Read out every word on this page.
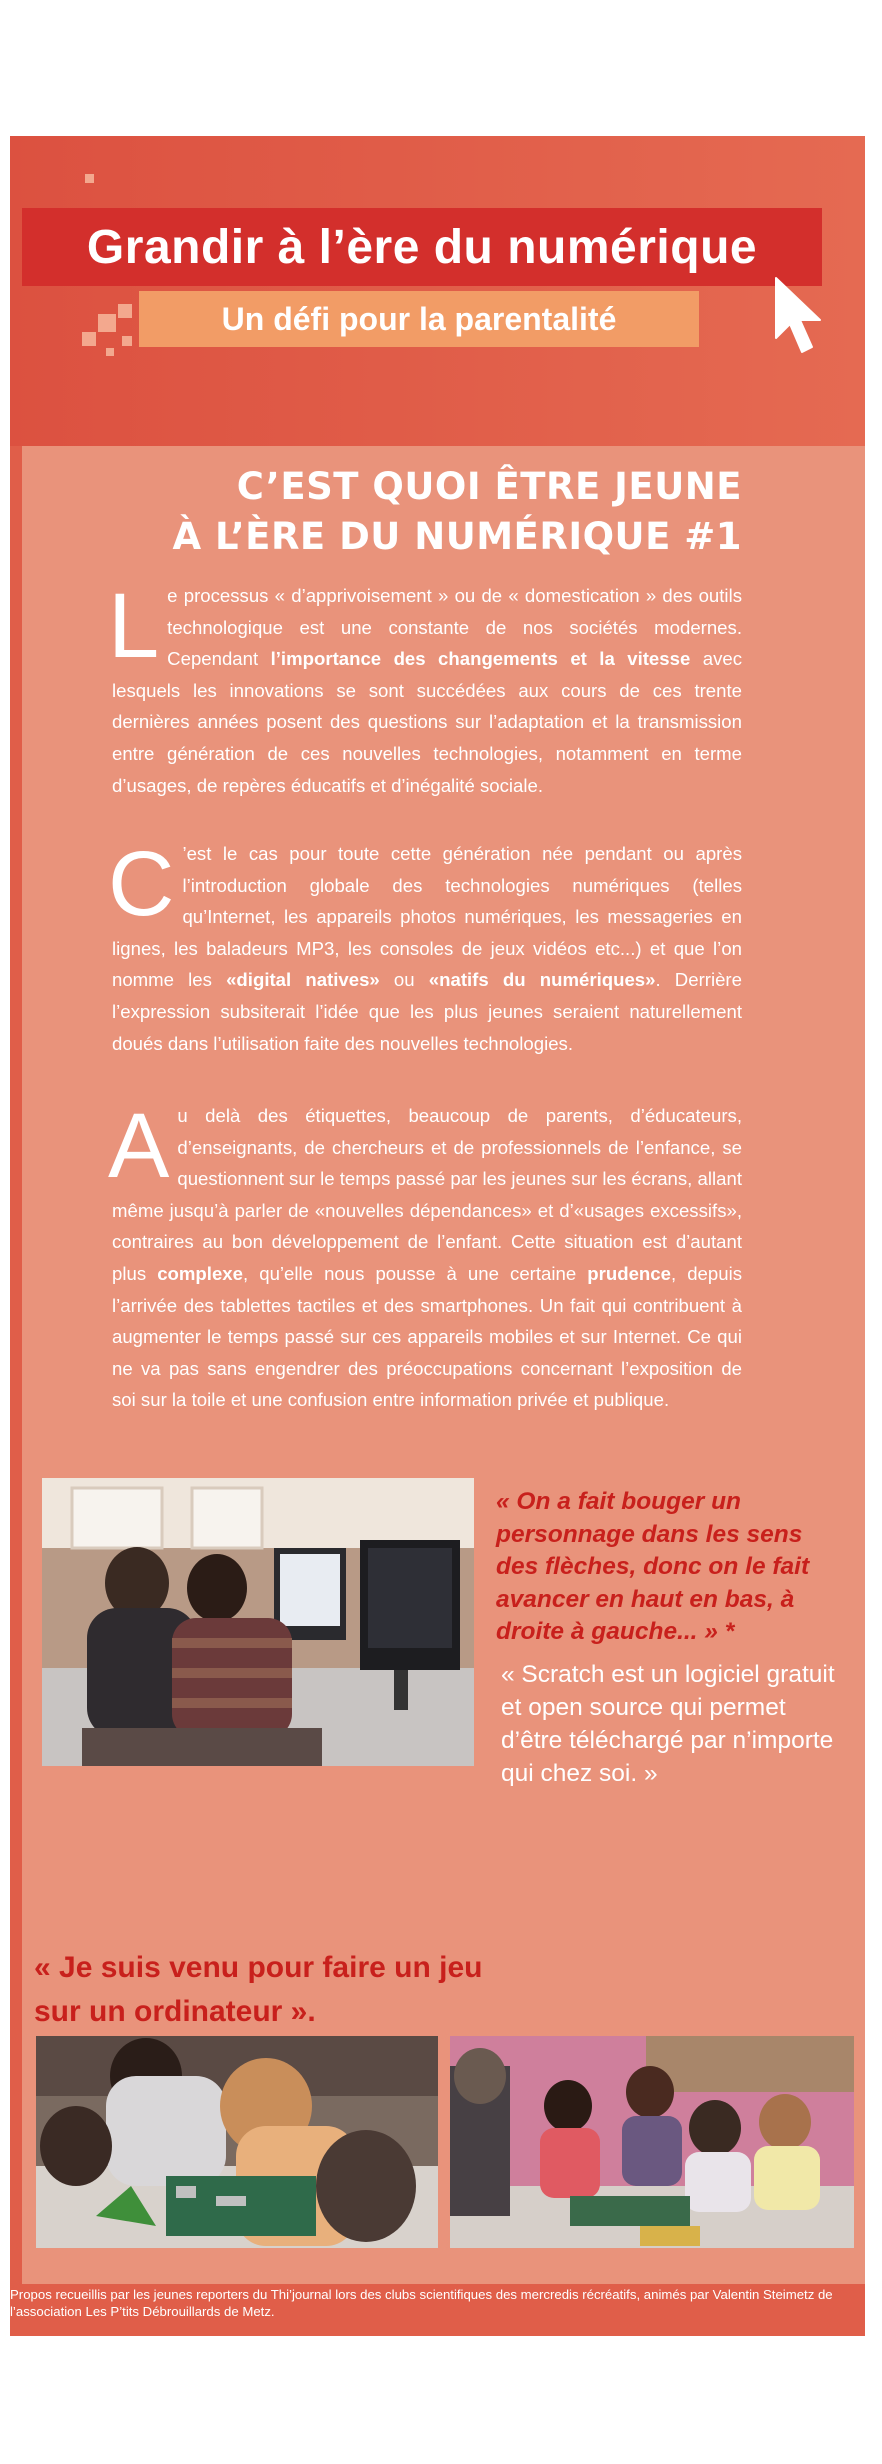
Grandir à l’ère du numérique
Un défi pour la parentalité
C’EST QUOI ÊTRE JEUNE
À L’ÈRE DU NUMÉRIQUE #1

Le processus « d’apprivoisement » ou de « domestication » des outils technologique est une constante de nos sociétés modernes. Cependant l’importance des changements et la vitesse avec lesquels les innovations se sont succédées aux cours de ces trente dernières années posent des questions sur l’adaptation et la transmission entre génération de ces nouvelles technologies, notamment en terme d’usages, de repères éducatifs et d’inégalité sociale.

C ’est le cas pour toute cette génération née pendant ou après l’introduction globale des technologies numériques (telles qu’Internet, les appareils photos numériques, les messageries en lignes, les baladeurs MP3, les consoles de jeux vidéos etc...) et que l’on nomme les «digital natives» ou «natifs du numériques». Derrière l’expression subsiterait l’idée que les plus jeunes seraient naturellement doués dans l’utilisation faite des nouvelles technologies.

Au delà des étiquettes, beaucoup de parents, d’éducateurs, d’enseignants, de chercheurs et de professionnels de l’enfance, se questionnent sur le temps passé par les jeunes sur les écrans, allant même jusqu’à parler de «nouvelles dépendances» et d’«usages excessifs», contraires au bon développement de l’enfant. Cette situation est d’autant plus complexe, qu’elle nous pousse à une certaine prudence, depuis l’arrivée des tablettes tactiles et des smartphones. Un fait qui contribuent à augmenter le temps passé sur ces appareils mobiles et sur Internet. Ce qui ne va pas sans engendrer des préoccupations concernant l’exposition de soi sur la toile et une confusion entre information privée et publique.

« Je suis venu pour faire un jeu sur un ordinateur ».
« On a fait bouger un personnage dans les sens des flèches, donc on le fait avancer en haut en bas, à droite à gauche... » *
« Scratch est un logiciel gratuit et open source qui permet d’être téléchargé par n’importe qui chez soi. »
Propos recueillis par les jeunes reporters du Thi’journal lors des clubs scientifiques des mercredis récréatifs, animés par Valentin Steimetz de l’association Les P’tits Débrouillards de Metz.
